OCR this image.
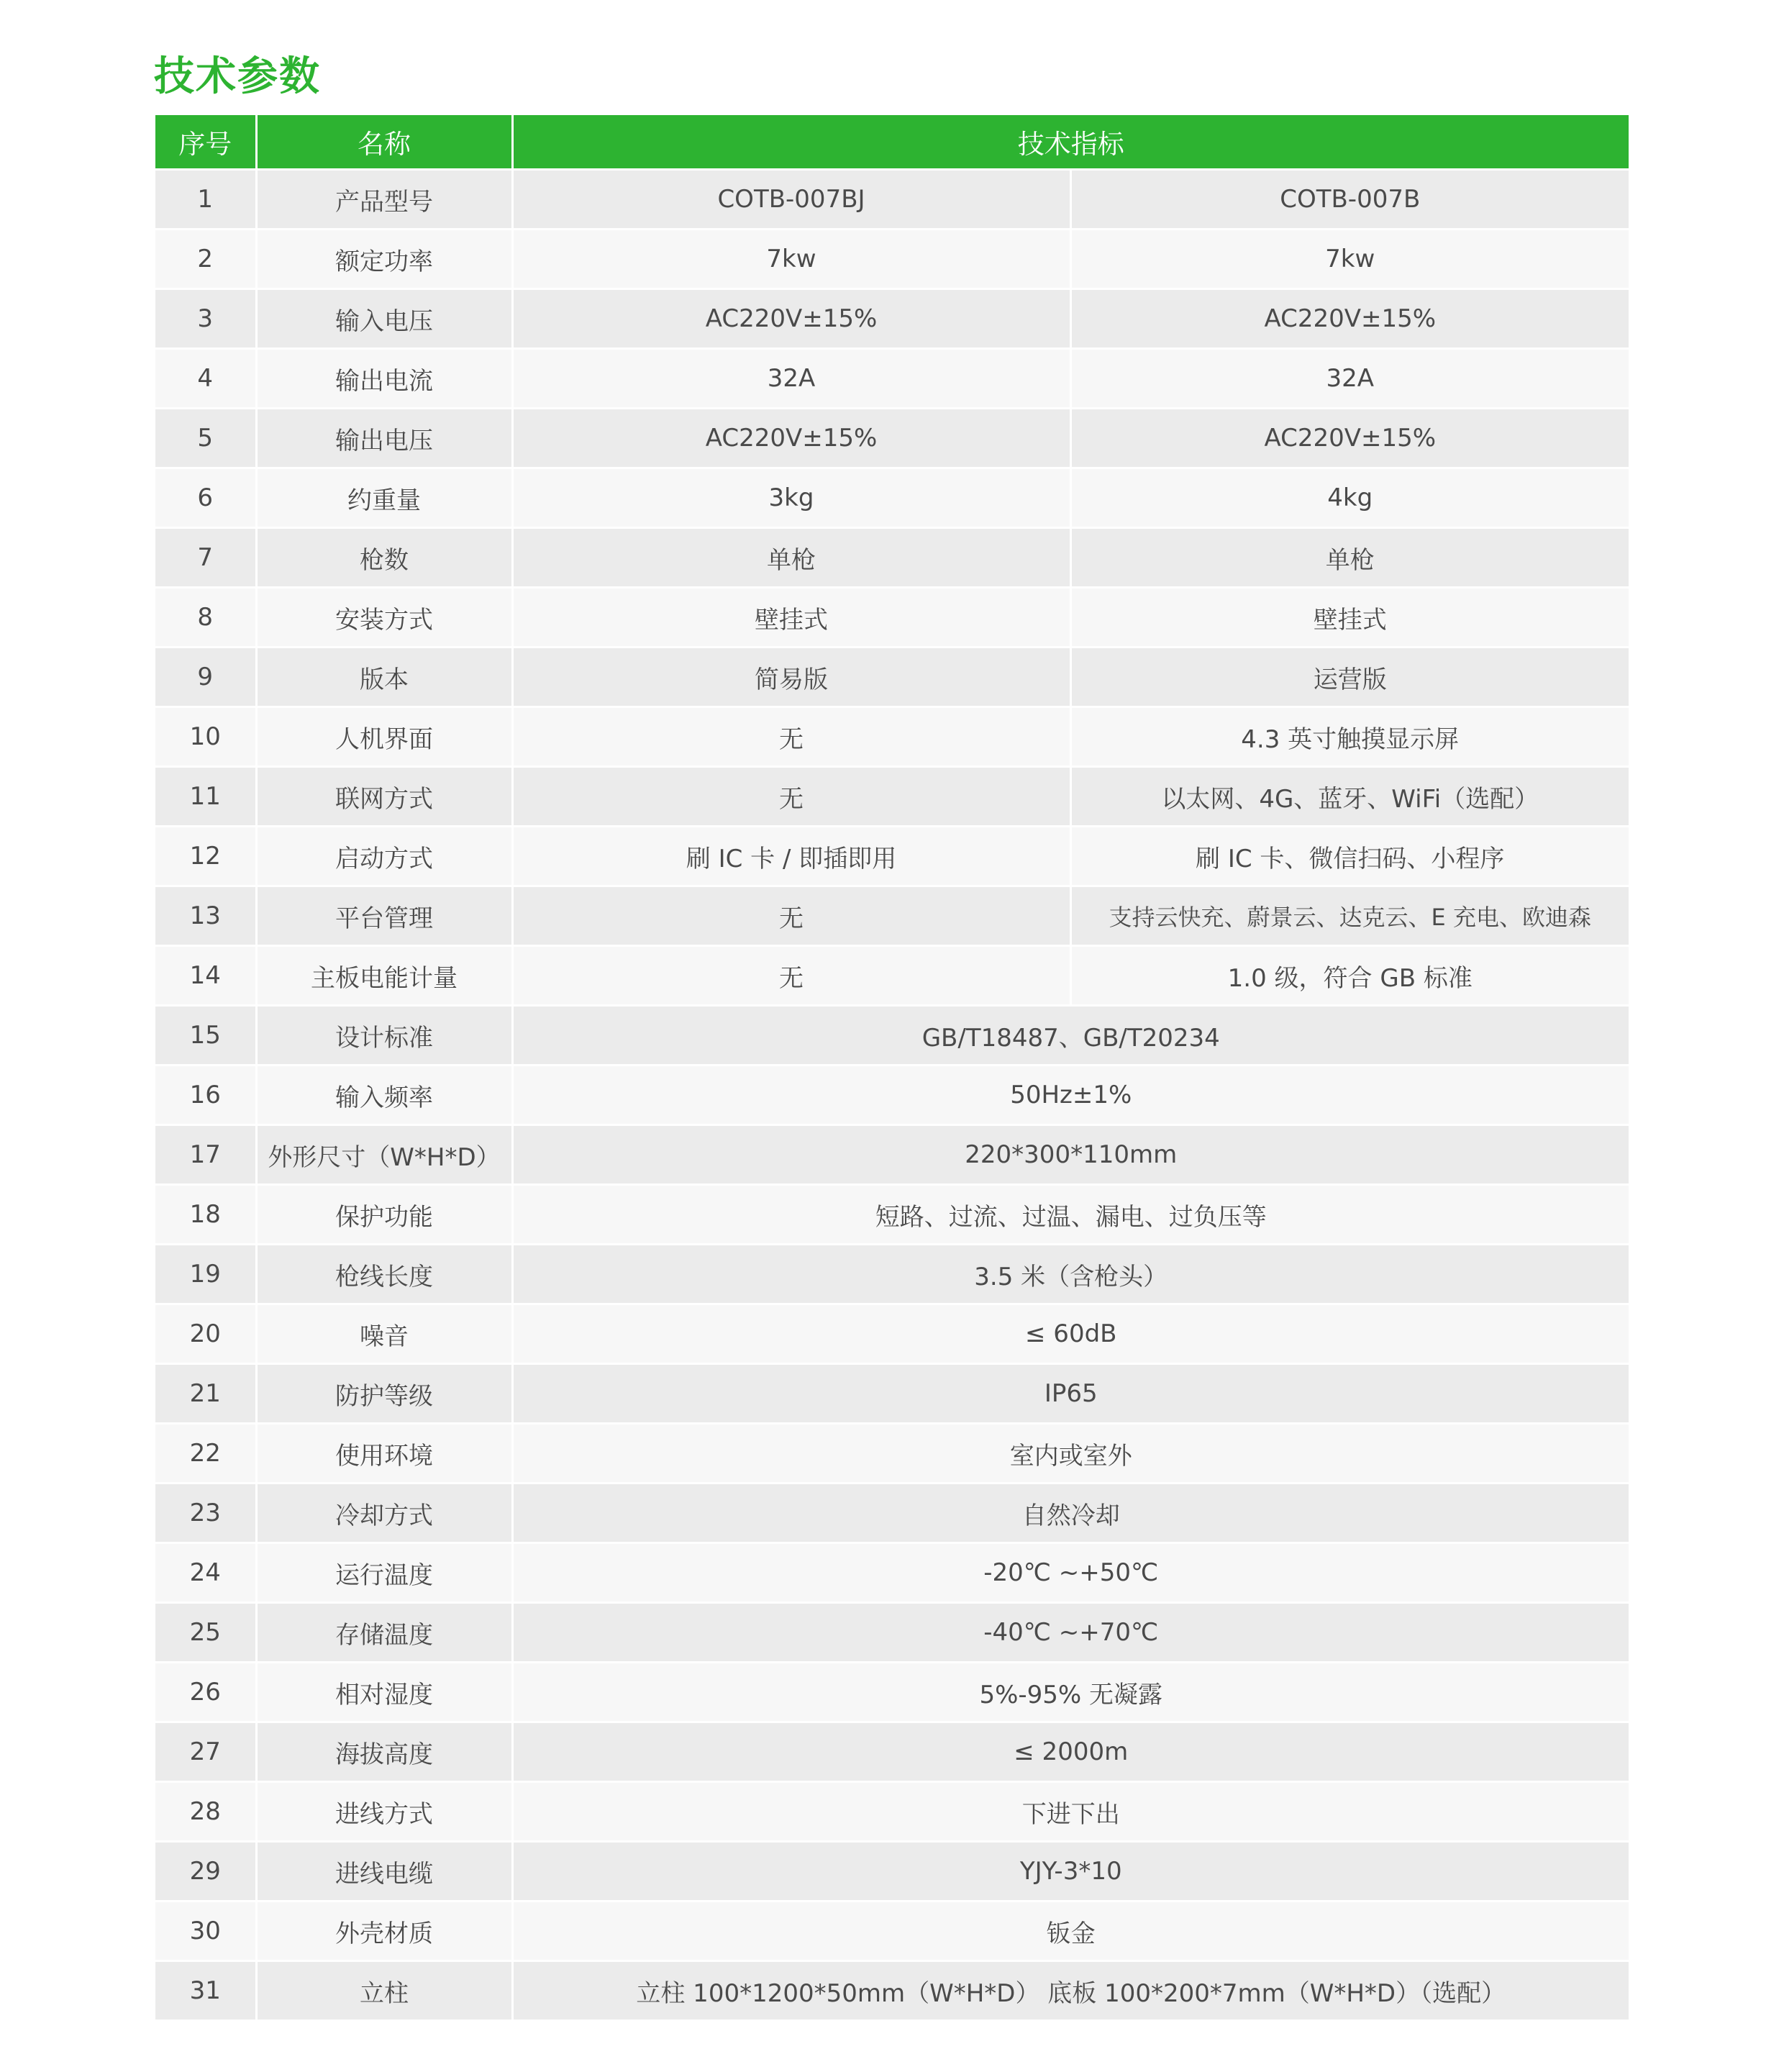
技术参数
序号	名称	技术指标	
1	产品型号	COTB-007BJ	COTB-007B
2	额定功率	7kw	7kw
3	输入电压	AC220V±15%	AC220V±15%
4	输出电流	32A	32A
5	输出电压	AC220V±15%	AC220V±15%
6	约重量	3kg	4kg
7	枪数	单枪	单枪
8	安装方式	壁挂式	壁挂式
9	版本	简易版	运营版
10	人机界面	无	4.3 英寸触摸显示屏
11	联网方式	无	以太网、4G、蓝牙、WiFi（选配）
12	启动方式	刷 IC 卡 / 即插即用	刷 IC 卡、微信扫码、小程序
13	平台管理	无	支持云快充、蔚景云、达克云、E 充电、欧迪森
14	主板电能计量	无	1.0 级，符合 GB 标准
15	设计标准	GB/T18487、GB/T20234	
16	输入频率	50Hz±1%	
17	外形尺寸（W*H*D）	220*300*110mm	
18	保护功能	短路、过流、过温、漏电、过负压等	
19	枪线长度	3.5 米（含枪头）	
20	噪音	≤ 60dB	
21	防护等级	IP65	
22	使用环境	室内或室外	
23	冷却方式	自然冷却	
24	运行温度	-20℃ ~+50℃	
25	存储温度	-40℃ ~+70℃	
26	相对湿度	5%-95% 无凝露	
27	海拔高度	≤ 2000m	
28	进线方式	下进下出	
29	进线电缆	YJY-3*10	
30	外壳材质	钣金	
31	立柱	立柱 100*1200*50mm（W*H*D） 底板 100*200*7mm（W*H*D）（选配）	
